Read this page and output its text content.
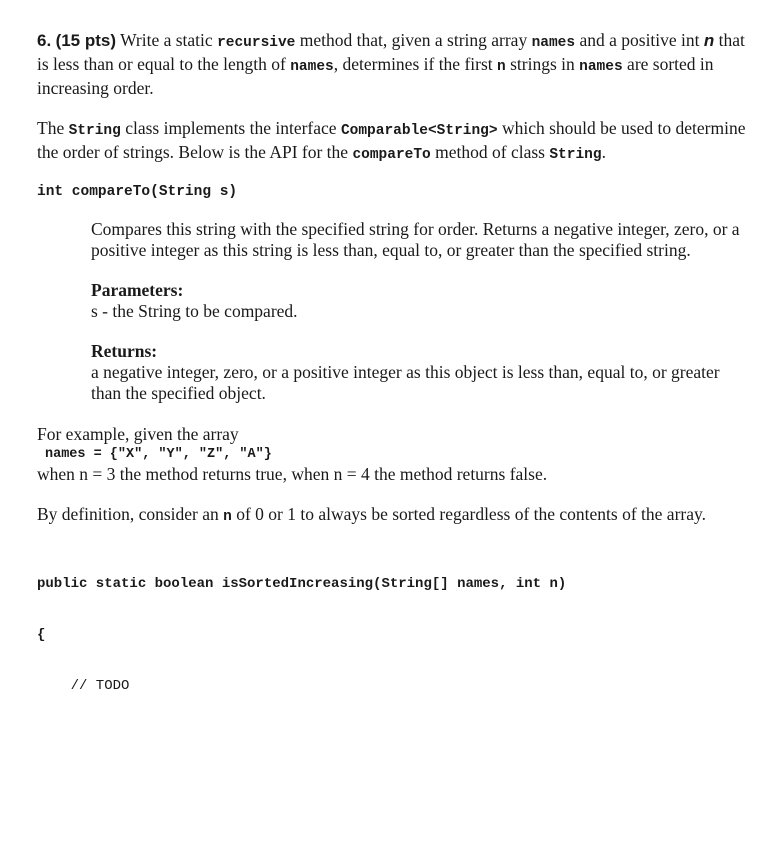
6. (15 pts) Write a static recursive method that, given a string array names and a positive int n that is less than or equal to the length of names, determines if the first n strings in names are sorted in increasing order.

The String class implements the interface Comparable<String> which should be used to determine the order of strings. Below is the API for the compareTo method of class String.

int compareTo(String s)

Compares this string with the specified string for order. Returns a negative integer, zero, or a positive integer as this string is less than, equal to, or greater than the specified string.

Parameters:

s - the String to be compared.

Returns:

a negative integer, zero, or a positive integer as this object is less than, equal to, or greater than the specified object.

For example, given the array

names = {"X", "Y", "Z", "A"}

when n = 3 the method returns true, when n = 4 the method returns false.

By definition, consider an n of 0 or 1 to always be sorted regardless of the contents of the array.

public static boolean isSortedIncreasing(String[] names, int n)

{

// TODO
